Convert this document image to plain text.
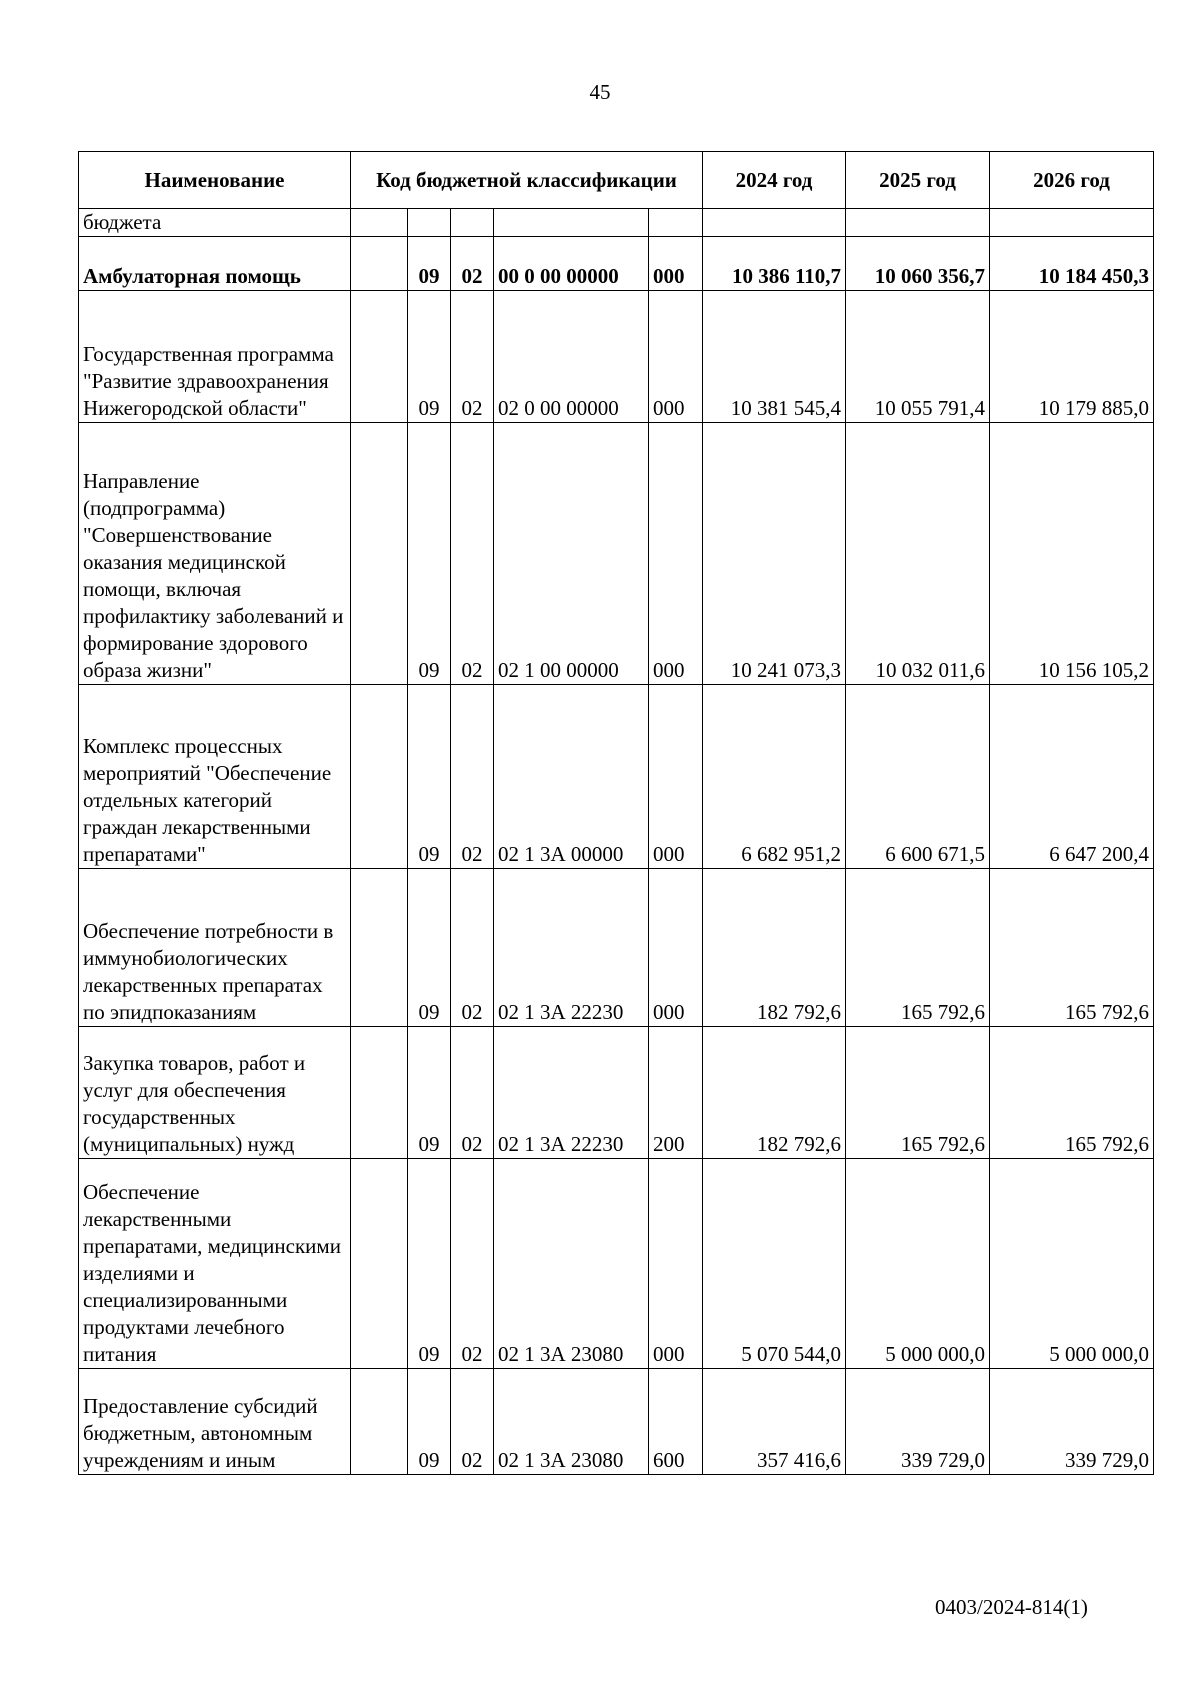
45
Наименование	Код бюджетной классификации					2024 год	2025 год	2026 год
бюджета								
Амбулаторная помощь		09	02	00 0 00 00000	000	10 386 110,7	10 060 356,7	10 184 450,3
Государственная программа "Развитие здравоохранения Нижегородской области"		09	02	02 0 00 00000	000	10 381 545,4	10 055 791,4	10 179 885,0
Направление (подпрограмма) "Совершенствование оказания медицинской помощи, включая профилактику заболеваний и формирование здорового образа жизни"		09	02	02 1 00 00000	000	10 241 073,3	10 032 011,6	10 156 105,2
Комплекс процессных мероприятий "Обеспечение отдельных категорий граждан лекарственными препаратами"		09	02	02 1 3А 00000	000	6 682 951,2	6 600 671,5	6 647 200,4
Обеспечение потребности в иммунобиологических лекарственных препаратах по эпидпоказаниям		09	02	02 1 3А 22230	000	182 792,6	165 792,6	165 792,6
Закупка товаров, работ и услуг для обеспечения государственных (муниципальных) нужд		09	02	02 1 3А 22230	200	182 792,6	165 792,6	165 792,6
Обеспечение лекарственными препаратами, медицинскими изделиями и специализированными продуктами лечебного питания		09	02	02 1 3А 23080	000	5 070 544,0	5 000 000,0	5 000 000,0
Предоставление субсидий бюджетным, автономным учреждениям и иным		09	02	02 1 3А 23080	600	357 416,6	339 729,0	339 729,0
0403/2024-814(1)
